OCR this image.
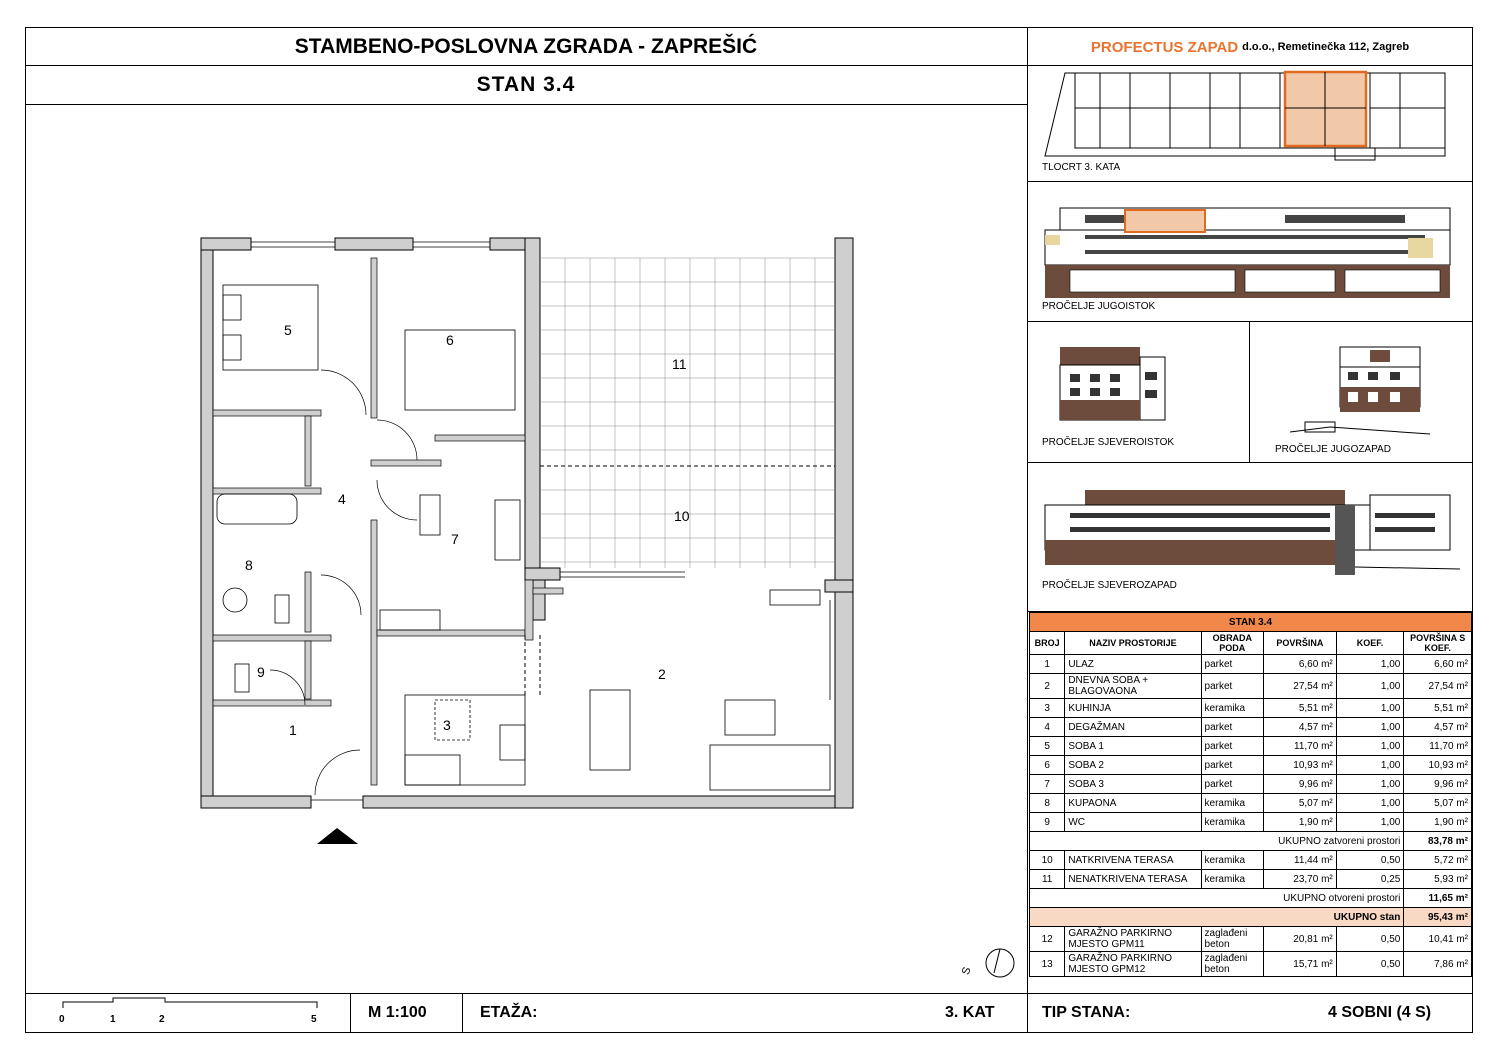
STAMBENO-POSLOVNA ZGRADA - ZAPREŠIĆ
STAN 3.4
PROFECTUS ZAPAD d.o.o., Remetinečka 112, Zagreb
TLOCRT 3. KATA
PROČELJE JUGOISTOK
PROČELJE SJEVEROISTOK
PROČELJE JUGOZAPAD
PROČELJE SJEVEROZAPAD
5
6
11
4
10
7
8
9	2
3
1
S
STAN 3.4					
BROJ	NAZIV PROSTORIJE	OBRADA PODA	POVRŠINA	KOEF.	POVRŠINA S KOEF.
1	ULAZ	parket	6,60 m²	1,00	6,60 m²
2	DNEVNA SOBA + BLAGOVAONA	parket	27,54 m²	1,00	27,54 m²
3	KUHINJA	keramika	5,51 m²	1,00	5,51 m²
4	DEGAŽMAN	parket	4,57 m²	1,00	4,57 m²
5	SOBA 1	parket	11,70 m²	1,00	11,70 m²
6	SOBA 2	parket	10,93 m²	1,00	10,93 m²
7	SOBA 3	parket	9,96 m²	1,00	9,96 m²
8	KUPAONA	keramika	5,07 m²	1,00	5,07 m²
9	WC	keramika	1,90 m²	1,00	1,90 m²
UKUPNO zatvoreni prostori					83,78 m²
10	NATKRIVENA TERASA	keramika	11,44 m²	0,50	5,72 m²
11	NENATKRIVENA TERASA	keramika	23,70 m²	0,25	5,93 m²
UKUPNO otvoreni prostori					11,65 m²
UKUPNO stan					95,43 m²
12	GARAŽNO PARKIRNO MJESTO GPM11	zaglađeni beton	20,81 m²	0,50	10,41 m²
13	GARAŽNO PARKIRNO MJESTO GPM12	zaglađeni beton	15,71 m²	0,50	7,86 m²
0	1	2	5	M 1:100	ETAŽA:	3. KAT	TIP STANA:	4 SOBNI (4 S)
